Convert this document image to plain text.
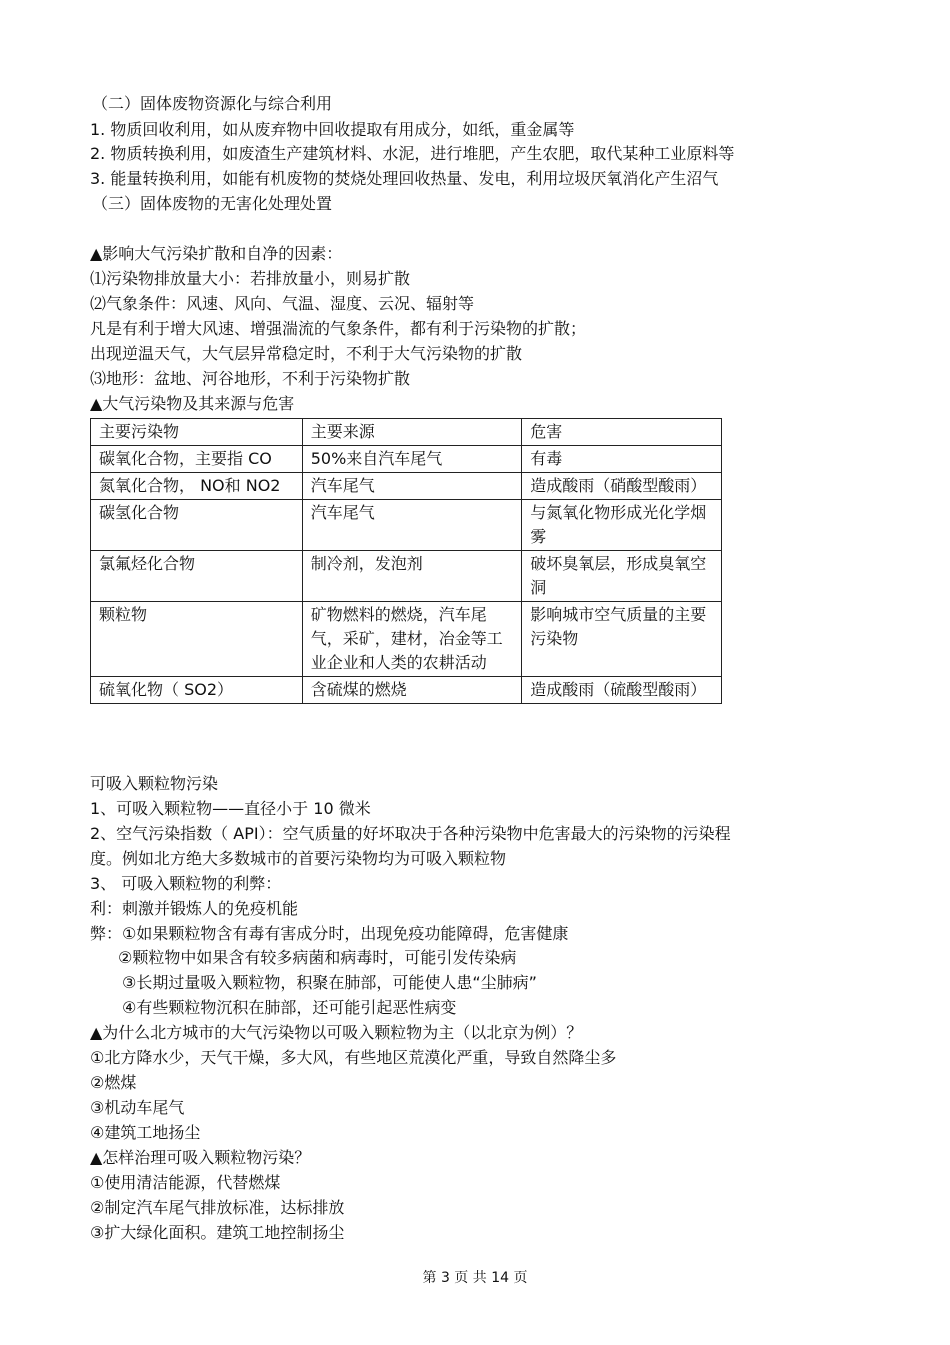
（二）固体废物资源化与综合利用
1. 物质回收利用，如从废弃物中回收提取有用成分，如纸，重金属等
2. 物质转换利用，如废渣生产建筑材料、水泥，进行堆肥，产生农肥，取代某种工业原料等
3. 能量转换利用，如能有机废物的焚烧处理回收热量、发电，利用垃圾厌氧消化产生沼气
（三）固体废物的无害化处理处置
▲影响大气污染扩散和自净的因素：
⑴污染物排放量大小：若排放量小，则易扩散
⑵气象条件：风速、风向、气温、湿度、云况、辐射等
凡是有利于增大风速、增强湍流的气象条件，都有利于污染物的扩散；
出现逆温天气，大气层异常稳定时，不利于大气污染物的扩散
⑶地形：盆地、河谷地形，不利于污染物扩散
▲大气污染物及其来源与危害
主要污染物	主要来源	危害
碳氧化合物，主要指 CO	50%来自汽车尾气	有毒
氮氧化合物， NO和 NO2	汽车尾气	造成酸雨（硝酸型酸雨）
碳氢化合物	汽车尾气	与氮氧化物形成光化学烟雾
氯氟烃化合物	制冷剂，发泡剂	破坏臭氧层，形成臭氧空洞
颗粒物	矿物燃料的燃烧，汽车尾气，采矿，建材，冶金等工业企业和人类的农耕活动	影响城市空气质量的主要污染物
硫氧化物（ SO2）	含硫煤的燃烧	造成酸雨（硫酸型酸雨）
可吸入颗粒物污染
1、可吸入颗粒物——直径小于 10 微米
2、空气污染指数（ API）：空气质量的好坏取决于各种污染物中危害最大的污染物的污染程
度。例如北方绝大多数城市的首要污染物均为可吸入颗粒物
3、 可吸入颗粒物的利弊：
利：刺激并锻炼人的免疫机能
弊：①如果颗粒物含有毒有害成分时，出现免疫功能障碍，危害健康
②颗粒物中如果含有较多病菌和病毒时，可能引发传染病
③长期过量吸入颗粒物，积聚在肺部，可能使人患“尘肺病”
④有些颗粒物沉积在肺部，还可能引起恶性病变
▲为什么北方城市的大气污染物以可吸入颗粒物为主（以北京为例）？
①北方降水少，天气干燥，多大风，有些地区荒漠化严重，导致自然降尘多
②燃煤
③机动车尾气
④建筑工地扬尘
▲怎样治理可吸入颗粒物污染？
①使用清洁能源，代替燃煤
②制定汽车尾气排放标准，达标排放
③扩大绿化面积。建筑工地控制扬尘
第 3 页 共 14 页
